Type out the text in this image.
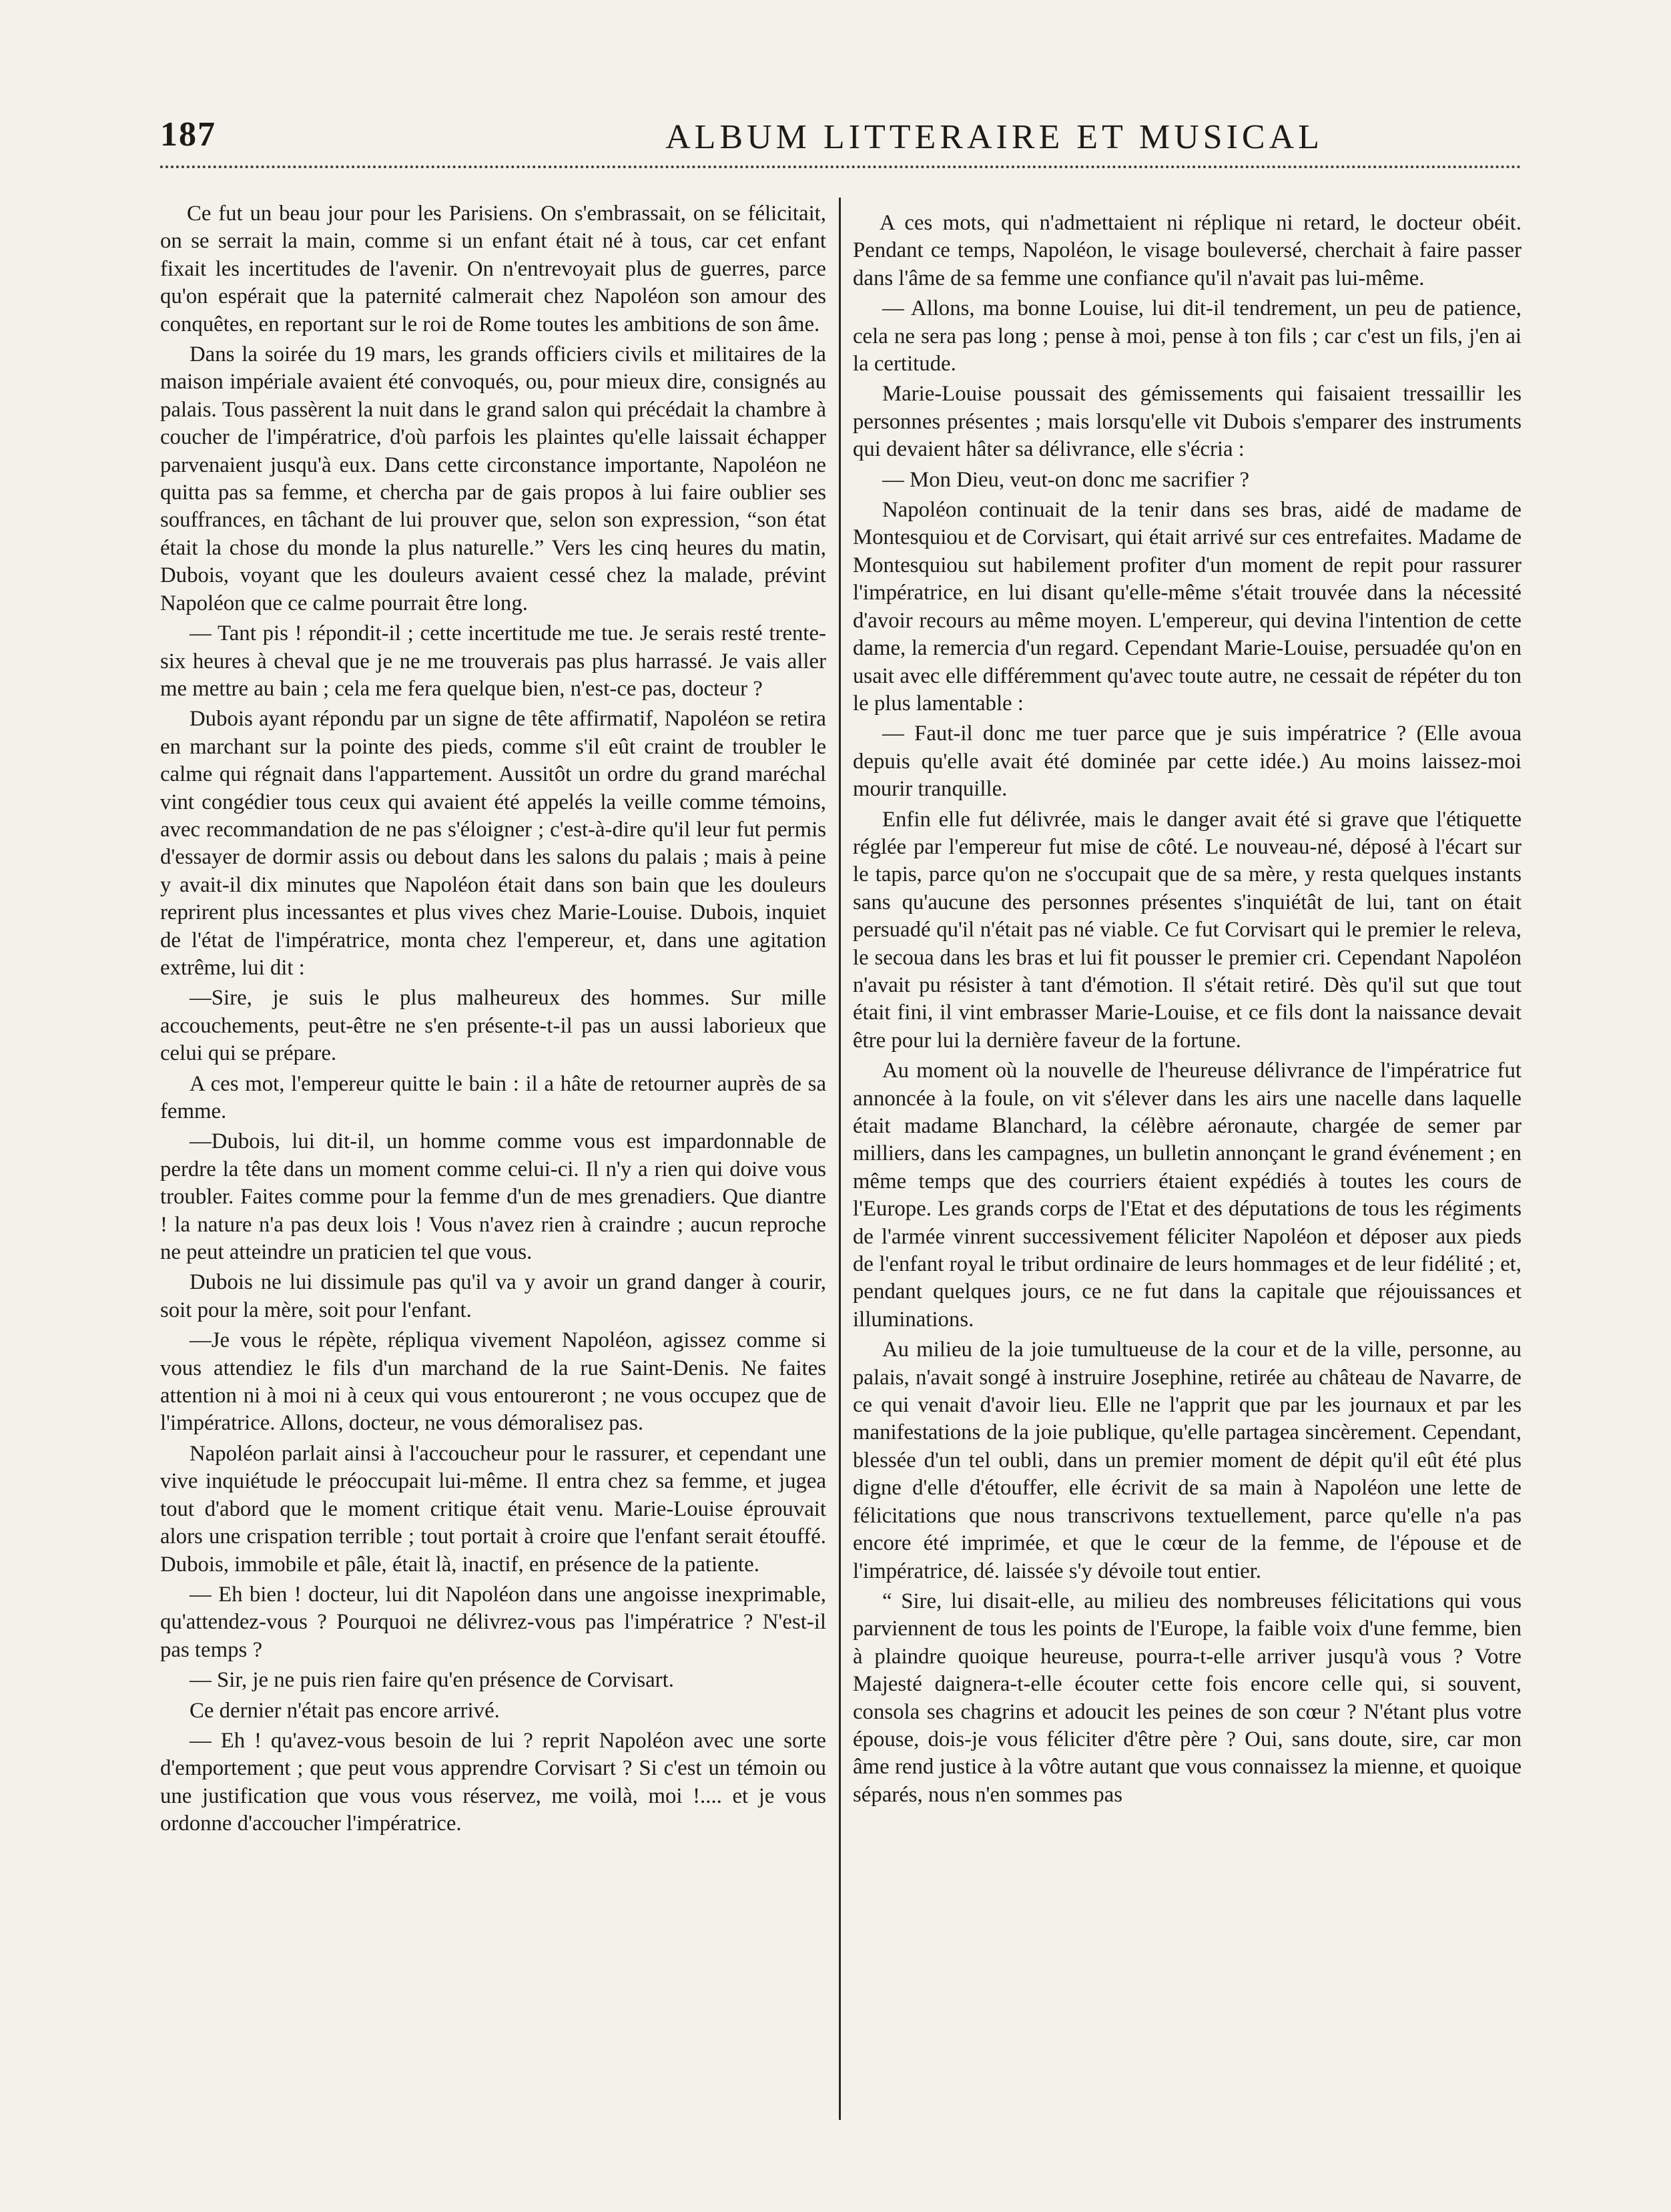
187	ALBUM LITTERAIRE ET MUSICAL

Ce fut un beau jour pour les Parisiens. On s'embrassait, on se félicitait, on se serrait la main, comme si un enfant était né à tous, car cet enfant fixait les incertitudes de l'avenir. On n'entrevoyait plus de guerres, parce qu'on espérait que la paternité calmerait chez Napoléon son amour des conquêtes, en reportant sur le roi de Rome toutes les ambitions de son âme.

Dans la soirée du 19 mars, les grands officiers civils et militaires de la maison impériale avaient été convoqués, ou, pour mieux dire, consignés au palais. Tous passèrent la nuit dans le grand salon qui précédait la chambre à coucher de l'impératrice, d'où parfois les plaintes qu'elle laissait échapper parvenaient jusqu'à eux. Dans cette circonstance importante, Napoléon ne quitta pas sa femme, et chercha par de gais propos à lui faire oublier ses souffrances, en tâchant de lui prouver que, selon son expression, “son état était la chose du monde la plus naturelle.” Vers les cinq heures du matin, Dubois, voyant que les douleurs avaient cessé chez la malade, prévint Napoléon que ce calme pourrait être long.

— Tant pis ! répondit-il ; cette incertitude me tue. Je serais resté trente-six heures à cheval que je ne me trouverais pas plus harrassé. Je vais aller me mettre au bain ; cela me fera quelque bien, n'est-ce pas, docteur ?

Dubois ayant répondu par un signe de tête affirmatif, Napoléon se retira en marchant sur la pointe des pieds, comme s'il eût craint de troubler le calme qui régnait dans l'appartement. Aussitôt un ordre du grand maréchal vint congédier tous ceux qui avaient été appelés la veille comme témoins, avec recommandation de ne pas s'éloigner ; c'est-à-dire qu'il leur fut permis d'essayer de dormir assis ou debout dans les salons du palais ; mais à peine y avait-il dix minutes que Napoléon était dans son bain que les douleurs reprirent plus incessantes et plus vives chez Marie-Louise. Dubois, inquiet de l'état de l'impératrice, monta chez l'empereur, et, dans une agitation extrême, lui dit :

—Sire, je suis le plus malheureux des hommes. Sur mille accouchements, peut-être ne s'en présente-t-il pas un aussi laborieux que celui qui se prépare.

A ces mot, l'empereur quitte le bain : il a hâte de retourner auprès de sa femme.

—Dubois, lui dit-il, un homme comme vous est impardonnable de perdre la tête dans un moment comme celui-ci. Il n'y a rien qui doive vous troubler. Faites comme pour la femme d'un de mes grenadiers. Que diantre ! la nature n'a pas deux lois ! Vous n'avez rien à craindre ; aucun reproche ne peut atteindre un praticien tel que vous.

Dubois ne lui dissimule pas qu'il va y avoir un grand danger à courir, soit pour la mère, soit pour l'enfant.

—Je vous le répète, répliqua vivement Napoléon, agissez comme si vous attendiez le fils d'un marchand de la rue Saint-Denis. Ne faites attention ni à moi ni à ceux qui vous entoureront ; ne vous occupez que de l'impératrice. Allons, docteur, ne vous démoralisez pas.

Napoléon parlait ainsi à l'accoucheur pour le rassurer, et cependant une vive inquiétude le préoccupait lui-même. Il entra chez sa femme, et jugea tout d'abord que le moment critique était venu. Marie-Louise éprouvait alors une crispation terrible ; tout portait à croire que l'enfant serait étouffé. Dubois, immobile et pâle, était là, inactif, en présence de la patiente.

— Eh bien ! docteur, lui dit Napoléon dans une angoisse inexprimable, qu'attendez-vous ? Pourquoi ne délivrez-vous pas l'impératrice ? N'est-il pas temps ?

— Sir, je ne puis rien faire qu'en présence de Corvisart.

Ce dernier n'était pas encore arrivé.

— Eh ! qu'avez-vous besoin de lui ? reprit Napoléon avec une sorte d'emportement ; que peut vous apprendre Corvisart ? Si c'est un témoin ou une justification que vous vous réservez, me voilà, moi !.... et je vous ordonne d'accoucher l'impératrice.

A ces mots, qui n'admettaient ni réplique ni retard, le docteur obéit. Pendant ce temps, Napoléon, le visage bouleversé, cherchait à faire passer dans l'âme de sa femme une confiance qu'il n'avait pas lui-même.

— Allons, ma bonne Louise, lui dit-il tendrement, un peu de patience, cela ne sera pas long ; pense à moi, pense à ton fils ; car c'est un fils, j'en ai la certitude.

Marie-Louise poussait des gémissements qui faisaient tressaillir les personnes présentes ; mais lorsqu'elle vit Dubois s'emparer des instruments qui devaient hâter sa délivrance, elle s'écria :

— Mon Dieu, veut-on donc me sacrifier ?

Napoléon continuait de la tenir dans ses bras, aidé de madame de Montesquiou et de Corvisart, qui était arrivé sur ces entrefaites. Madame de Montesquiou sut habilement profiter d'un moment de repit pour rassurer l'impératrice, en lui disant qu'elle-même s'était trouvée dans la nécessité d'avoir recours au même moyen. L'empereur, qui devina l'intention de cette dame, la remercia d'un regard. Cependant Marie-Louise, persuadée qu'on en usait avec elle différemment qu'avec toute autre, ne cessait de répéter du ton le plus lamentable :

— Faut-il donc me tuer parce que je suis impératrice ? (Elle avoua depuis qu'elle avait été dominée par cette idée.) Au moins laissez-moi mourir tranquille.

Enfin elle fut délivrée, mais le danger avait été si grave que l'étiquette réglée par l'empereur fut mise de côté. Le nouveau-né, déposé à l'écart sur le tapis, parce qu'on ne s'occupait que de sa mère, y resta quelques instants sans qu'aucune des personnes présentes s'inquiétât de lui, tant on était persuadé qu'il n'était pas né viable. Ce fut Corvisart qui le premier le releva, le secoua dans les bras et lui fit pousser le premier cri. Cependant Napoléon n'avait pu résister à tant d'émotion. Il s'était retiré. Dès qu'il sut que tout était fini, il vint embrasser Marie-Louise, et ce fils dont la naissance devait être pour lui la dernière faveur de la fortune.

Au moment où la nouvelle de l'heureuse délivrance de l'impératrice fut annoncée à la foule, on vit s'élever dans les airs une nacelle dans laquelle était madame Blanchard, la célèbre aéronaute, chargée de semer par milliers, dans les campagnes, un bulletin annonçant le grand événement ; en même temps que des courriers étaient expédiés à toutes les cours de l'Europe. Les grands corps de l'Etat et des députations de tous les régiments de l'armée vinrent successivement féliciter Napoléon et déposer aux pieds de l'enfant royal le tribut ordinaire de leurs hommages et de leur fidélité ; et, pendant quelques jours, ce ne fut dans la capitale que réjouissances et illuminations.

Au milieu de la joie tumultueuse de la cour et de la ville, personne, au palais, n'avait songé à instruire Josephine, retirée au château de Navarre, de ce qui venait d'avoir lieu. Elle ne l'apprit que par les journaux et par les manifestations de la joie publique, qu'elle partagea sincèrement. Cependant, blessée d'un tel oubli, dans un premier moment de dépit qu'il eût été plus digne d'elle d'étouffer, elle écrivit de sa main à Napoléon une lette de félicitations que nous transcrivons textuellement, parce qu'elle n'a pas encore été imprimée, et que le cœur de la femme, de l'épouse et de l'impératrice, dé. laissée s'y dévoile tout entier.

“ Sire, lui disait-elle, au milieu des nombreuses félicitations qui vous parviennent de tous les points de l'Europe, la faible voix d'une femme, bien à plaindre quoique heureuse, pourra-t-elle arriver jusqu'à vous ? Votre Majesté daignera-t-elle écouter cette fois encore celle qui, si souvent, consola ses chagrins et adoucit les peines de son cœur ? N'étant plus votre épouse, dois-je vous féliciter d'être père ? Oui, sans doute, sire, car mon âme rend justice à la vôtre autant que vous connaissez la mienne, et quoique séparés, nous n'en sommes pas
